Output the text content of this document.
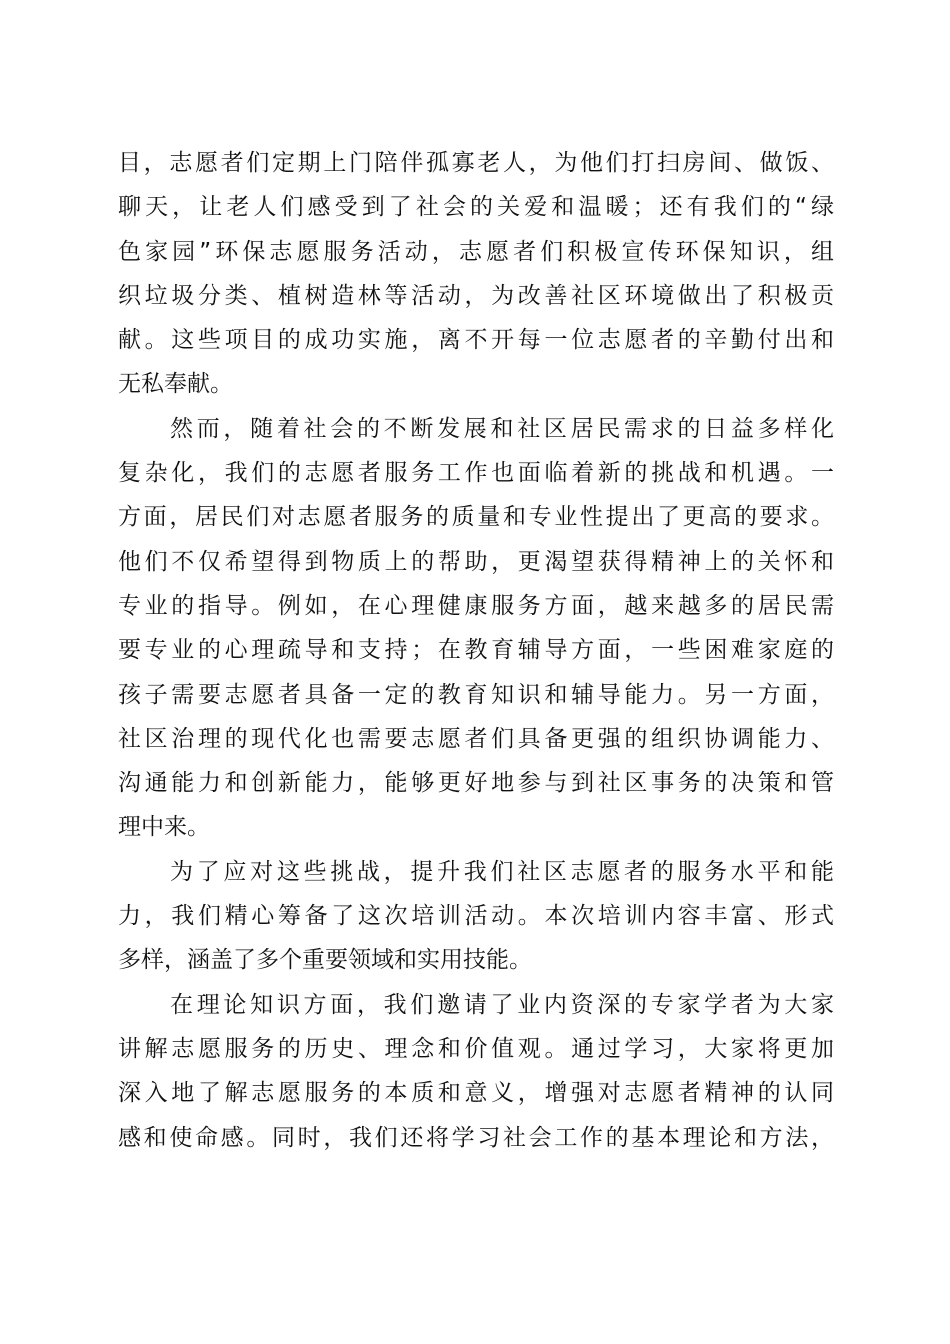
目，志愿者们定期上门陪伴孤寡老人，为他们打扫房间、做饭、
聊天，让老人们感受到了社会的关爱和温暖；还有我们的“绿
色家园”环保志愿服务活动，志愿者们积极宣传环保知识，组
织垃圾分类、植树造林等活动，为改善社区环境做出了积极贡
献。这些项目的成功实施，离不开每一位志愿者的辛勤付出和
无私奉献。
然而，随着社会的不断发展和社区居民需求的日益多样化
复杂化，我们的志愿者服务工作也面临着新的挑战和机遇。一
方面，居民们对志愿者服务的质量和专业性提出了更高的要求。
他们不仅希望得到物质上的帮助，更渴望获得精神上的关怀和
专业的指导。例如，在心理健康服务方面，越来越多的居民需
要专业的心理疏导和支持；在教育辅导方面，一些困难家庭的
孩子需要志愿者具备一定的教育知识和辅导能力。另一方面，
社区治理的现代化也需要志愿者们具备更强的组织协调能力、
沟通能力和创新能力，能够更好地参与到社区事务的决策和管
理中来。
为了应对这些挑战，提升我们社区志愿者的服务水平和能
力，我们精心筹备了这次培训活动。本次培训内容丰富、形式
多样，涵盖了多个重要领域和实用技能。
在理论知识方面，我们邀请了业内资深的专家学者为大家
讲解志愿服务的历史、理念和价值观。通过学习，大家将更加
深入地了解志愿服务的本质和意义，增强对志愿者精神的认同
感和使命感。同时，我们还将学习社会工作的基本理论和方法，
